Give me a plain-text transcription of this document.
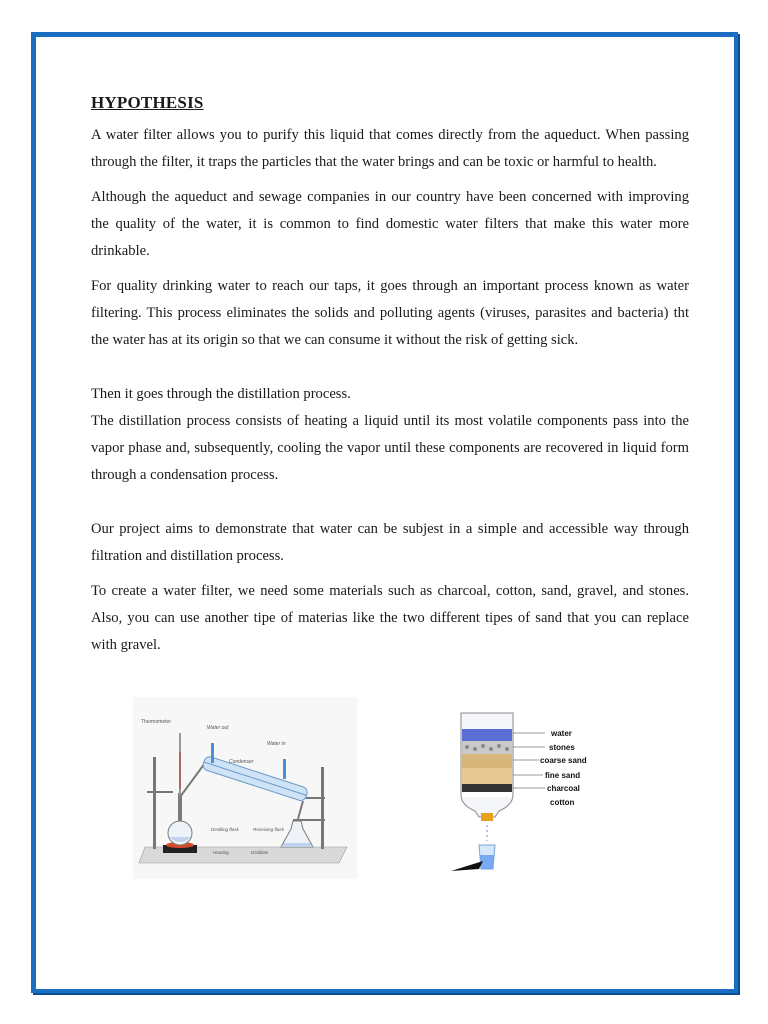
HYPOTHESIS

A water filter allows you to purify this liquid that comes directly from the aqueduct. When passing through the filter, it traps the particles that the water brings and can be toxic or harmful to health.

Although the aqueduct and sewage companies in our country have been concerned with improving the quality of the water, it is common to find domestic water filters that make this water more drinkable.

For quality drinking water to reach our taps, it goes through an important process known as water filtering. This process eliminates the solids and polluting agents (viruses, parasites and bacteria) tht the water has at its origin so that we can consume it without the risk of getting sick.

Then it goes through the distillation process.

The distillation process consists of heating a liquid until its most volatile components pass into the vapor phase and, subsequently, cooling the vapor until these components are recovered in liquid form through a condensation process.

Our project aims to demonstrate that water can be subjest in a simple and accessible way through filtration and distillation process.

To create a water filter, we need some materials such as charcoal, cotton, sand, gravel, and stones. Also, you can use another tipe of materias like the two different tipes of sand that you can replace with gravel.

Thermometer
Water out
Water in
Condenser
Distilling flask	Receiving flask
Heating	Distillate
water
stones
coarse sand
fine sand
charcoal
cotton
